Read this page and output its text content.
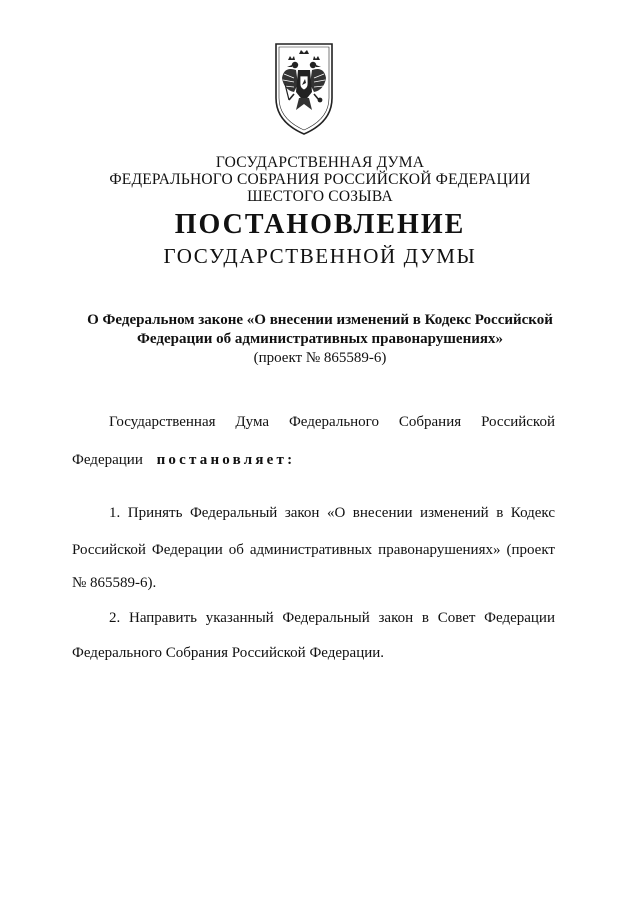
ГОСУДАРСТВЕННАЯ ДУМА
ФЕДЕРАЛЬНОГО СОБРАНИЯ РОССИЙСКОЙ ФЕДЕРАЦИИ
ШЕСТОГО СОЗЫВА
ПОСТАНОВЛЕНИЕ
ГОСУДАРСТВЕННОЙ ДУМЫ
О Федеральном законе «О внесении изменений в Кодекс Российской
Федерации об административных правонарушениях»
(проект № 865589-6)
Государственная Дума Федерального Собрания Российской
Федерации постановляет:
1. Принять Федеральный закон «О внесении изменений в Кодекс
Российской Федерации об административных правонарушениях» (проект
№ 865589-6).
2. Направить указанный Федеральный закон в Совет Федерации
Федерального Собрания Российской Федерации.
